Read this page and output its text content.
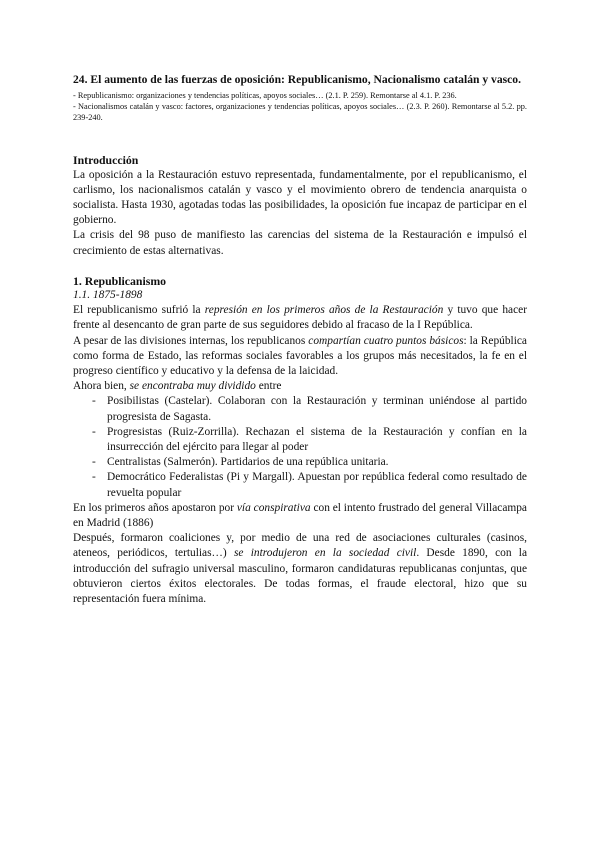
24. El aumento de las fuerzas de oposición: Republicanismo, Nacionalismo catalán y vasco.

- Republicanismo: organizaciones y tendencias políticas, apoyos sociales… (2.1. P. 259). Remontarse al 4.1. P. 236.

- Nacionalismos catalán y vasco: factores, organizaciones y tendencias políticas, apoyos sociales… (2.3. P. 260). Remontarse al 5.2. pp. 239-240.

Introducción

La oposición a la Restauración estuvo representada, fundamentalmente, por el republicanismo, el carlismo, los nacionalismos catalán y vasco y el movimiento obrero de tendencia anarquista o socialista. Hasta 1930, agotadas todas las posibilidades, la oposición fue incapaz de participar en el gobierno.

La crisis del 98 puso de manifiesto las carencias del sistema de la Restauración e impulsó el crecimiento de estas alternativas.

1. Republicanismo

1.1. 1875-1898

El republicanismo sufrió la represión en los primeros años de la Restauración y tuvo que hacer frente al desencanto de gran parte de sus seguidores debido al fracaso de la I República.

A pesar de las divisiones internas, los republicanos compartían cuatro puntos básicos: la República como forma de Estado, las reformas sociales favorables a los grupos más necesitados, la fe en el progreso científico y educativo y la defensa de la laicidad.

Ahora bien, se encontraba muy dividido entre

- Posibilistas (Castelar). Colaboran con la Restauración y terminan uniéndose al partido progresista de Sagasta.
- Progresistas (Ruiz-Zorrilla). Rechazan el sistema de la Restauración y confían en la insurrección del ejército para llegar al poder
- Centralistas (Salmerón). Partidarios de una república unitaria.
- Democrático Federalistas (Pi y Margall). Apuestan por república federal como resultado de revuelta popular

En los primeros años apostaron por vía conspirativa con el intento frustrado del general Villacampa en Madrid (1886)

Después, formaron coaliciones y, por medio de una red de asociaciones culturales (casinos, ateneos, periódicos, tertulias…) se introdujeron en la sociedad civil. Desde 1890, con la introducción del sufragio universal masculino, formaron candidaturas republicanas conjuntas, que obtuvieron ciertos éxitos electorales. De todas formas, el fraude electoral, hizo que su representación fuera mínima.
